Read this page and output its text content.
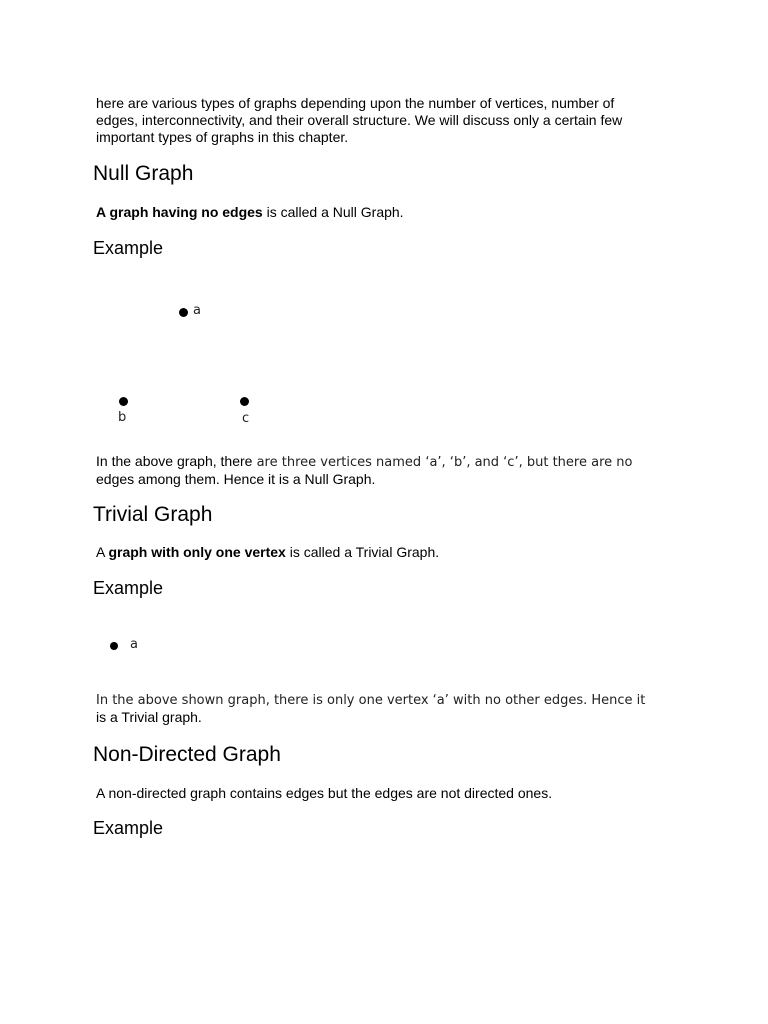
here are various types of graphs depending upon the number of vertices, number of
edges, interconnectivity, and their overall structure. We will discuss only a certain few
important types of graphs in this chapter.
Null Graph
A graph having no edges is called a Null Graph.
Example
a
b	c
In the above graph, there are three vertices named ‘a’, ‘b’, and ‘c’, but there are no
edges among them. Hence it is a Null Graph.
Trivial Graph
A graph with only one vertex is called a Trivial Graph.
Example
a
In the above shown graph, there is only one vertex ‘a’ with no other edges. Hence it
is a Trivial graph.
Non-Directed Graph
A non-directed graph contains edges but the edges are not directed ones.
Example
